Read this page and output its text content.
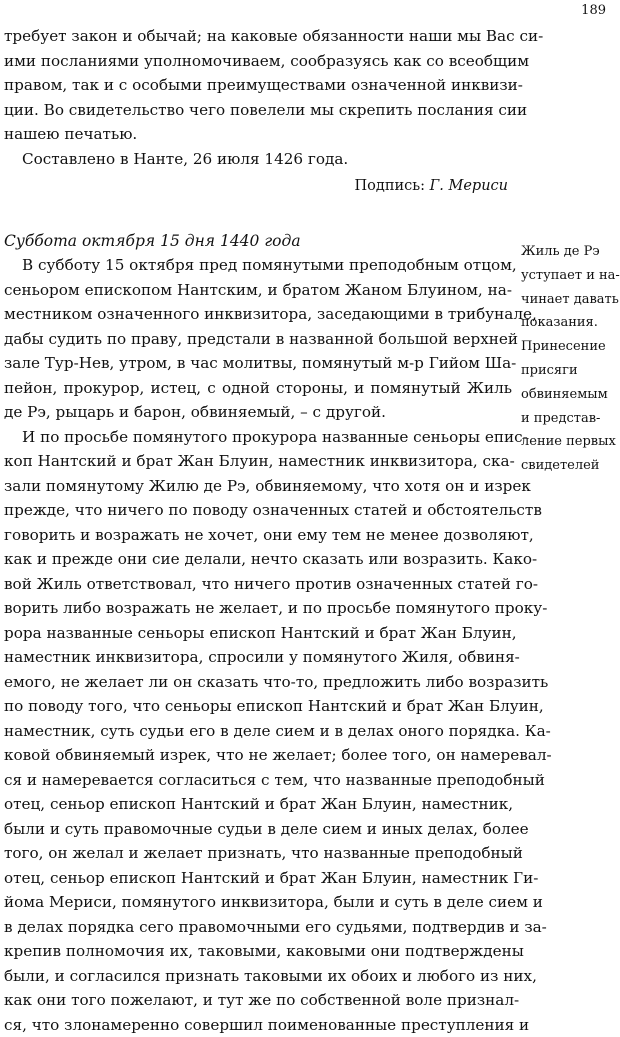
189
требует закон и обычай; на каковые обязанности наши мы Вас си-
ими посланиями уполномочиваем, сообразуясь как со всеобщим
правом, так и с особыми преимуществами означенной инквизи-
ции. Во свидетельство чего повелели мы скрепить послания сии
нашею печатью.
Составлено в Нанте, 26 июля 1426 года.
Подпись: Г. Мериси
Суббота октября 15 дня 1440 года
В субботу 15 октября пред помянутыми преподобным отцом,
сеньором епископом Нантским, и братом Жаном Блуином, на-
местником означенного инквизитора, заседающими в трибунале,
дабы судить по праву, предстали в названной большой верхней
зале Тур-Нев, утром, в час молитвы, помянутый м-р Гийом Ша-
пейон, прокурор, истец, с одной стороны, и помянутый Жиль
де Рэ, рыцарь и барон, обвиняемый, – с другой.
И по просьбе помянутого прокурора названные сеньоры епис-
коп Нантский и брат Жан Блуин, наместник инквизитора, ска-
зали помянутому Жилю де Рэ, обвиняемому, что хотя он и изрек
прежде, что ничего по поводу означенных статей и обстоятельств
говорить и возражать не хочет, они ему тем не менее дозволяют,
как и прежде они сие делали, нечто сказать или возразить. Како-
вой Жиль ответствовал, что ничего против означенных статей го-
ворить либо возражать не желает, и по просьбе помянутого проку-
рора названные сеньоры епископ Нантский и брат Жан Блуин,
наместник инквизитора, спросили у помянутого Жиля, обвиня-
емого, не желает ли он сказать что-то, предложить либо возразить
по поводу того, что сеньоры епископ Нантский и брат Жан Блуин,
наместник, суть судьи его в деле сием и в делах оного порядка. Ка-
ковой обвиняемый изрек, что не желает; более того, он намеревал-
ся и намеревается согласиться с тем, что названные преподобный
отец, сеньор епископ Нантский и брат Жан Блуин, наместник,
были и суть правомочные судьи в деле сием и иных делах, более
того, он желал и желает признать, что названные преподобный
отец, сеньор епископ Нантский и брат Жан Блуин, наместник Ги-
йома Мериси, помянутого инквизитора, были и суть в деле сием и
в делах порядка сего правомочными его судьями, подтвердив и за-
крепив полномочия их, таковыми, каковыми они подтверждены
были, и согласился признать таковыми их обоих и любого из них,
как они того пожелают, и тут же по собственной воле признал-
ся, что злонамеренно совершил поименованные преступления и
Жиль де Рэ
уступает и на-
чинает давать
показания.
Принесение
присяги
обвиняемым
и представ-
ление первых
свидетелей
